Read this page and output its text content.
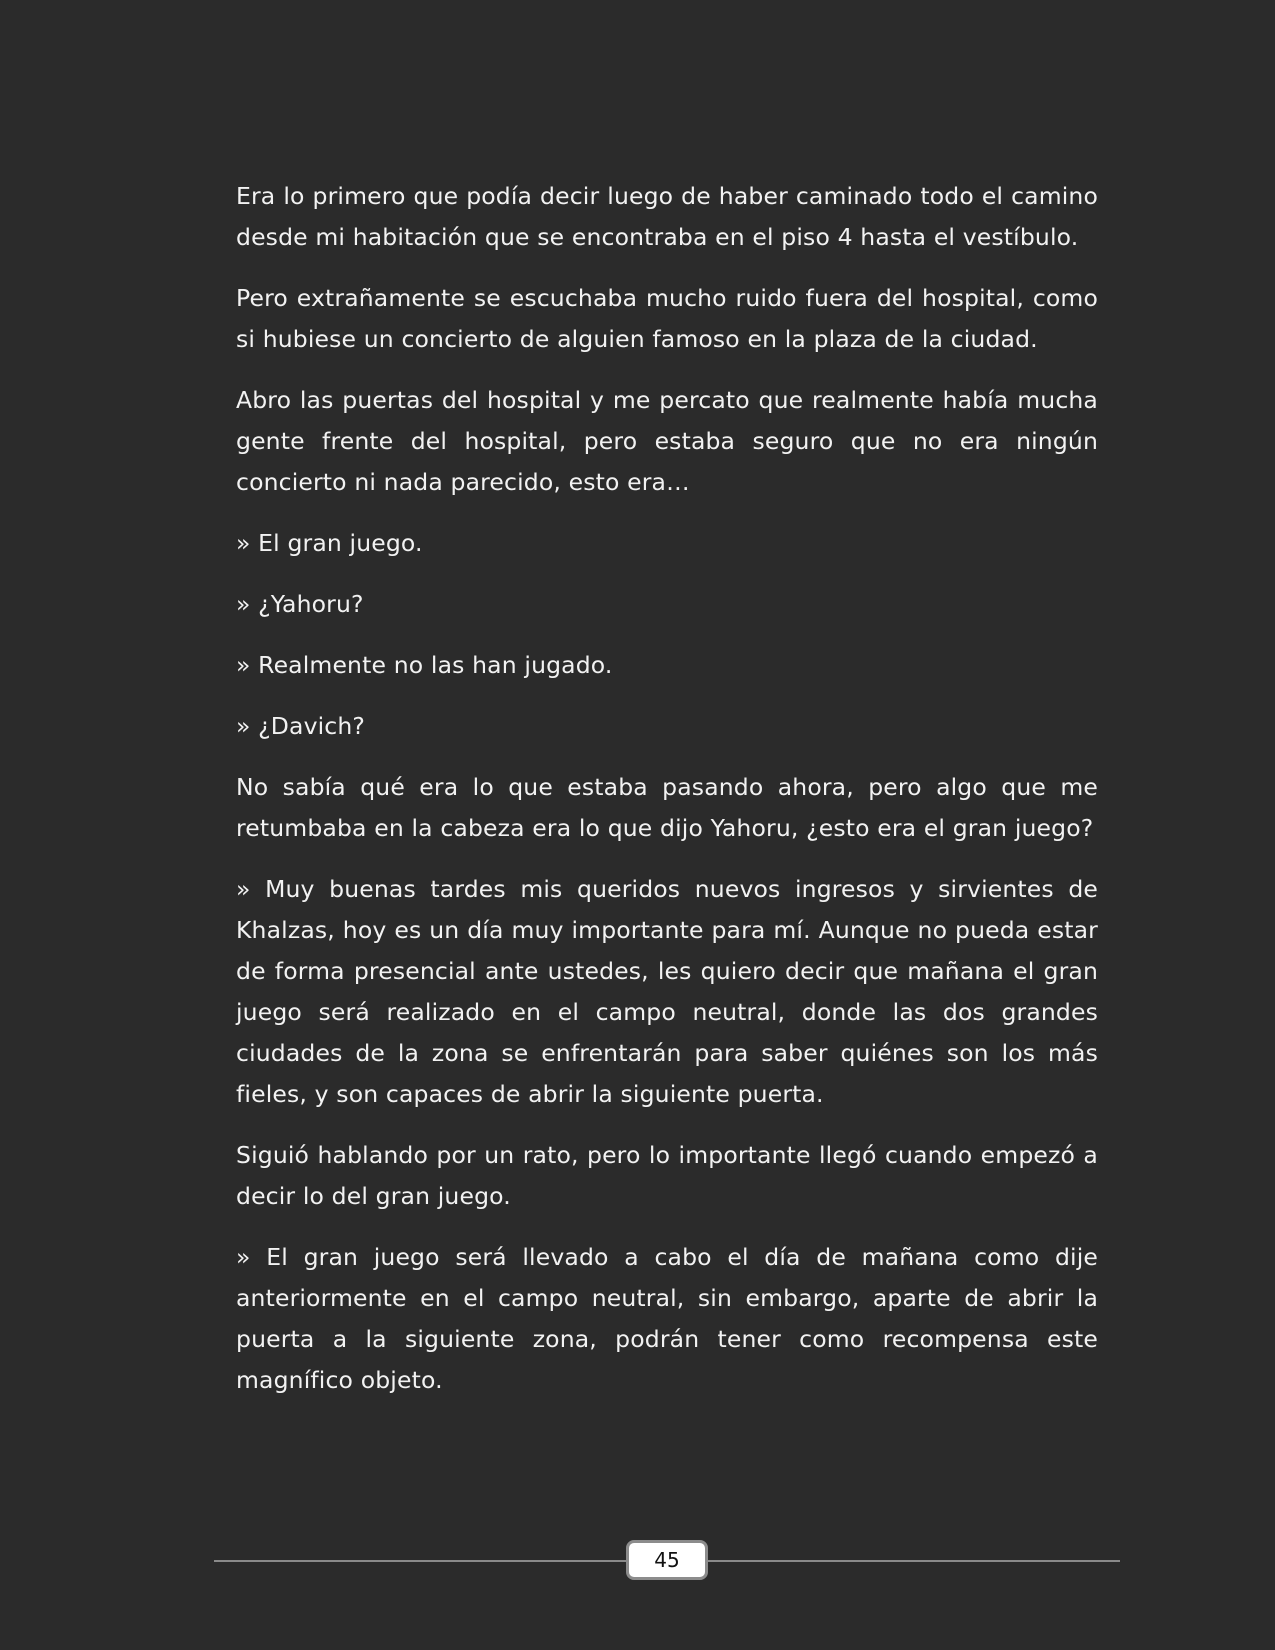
Era lo primero que podía decir luego de haber caminado todo el camino desde mi habitación que se encontraba en el piso 4 hasta el vestíbulo.

Pero extrañamente se escuchaba mucho ruido fuera del hospital, como si hubiese un concierto de alguien famoso en la plaza de la ciudad.

Abro las puertas del hospital y me percato que realmente había mucha gente frente del hospital, pero estaba seguro que no era ningún concierto ni nada parecido, esto era…

» El gran juego.

» ¿Yahoru?

» Realmente no las han jugado.

» ¿Davich?

No sabía qué era lo que estaba pasando ahora, pero algo que me retumbaba en la cabeza era lo que dijo Yahoru, ¿esto era el gran juego?

» Muy buenas tardes mis queridos nuevos ingresos y sirvientes de Khalzas, hoy es un día muy importante para mí. Aunque no pueda estar de forma presencial ante ustedes, les quiero decir que mañana el gran juego será realizado en el campo neutral, donde las dos grandes ciudades de la zona se enfrentarán para saber quiénes son los más fieles, y son capaces de abrir la siguiente puerta.

Siguió hablando por un rato, pero lo importante llegó cuando empezó a decir lo del gran juego.

» El gran juego será llevado a cabo el día de mañana como dije anteriormente en el campo neutral, sin embargo, aparte de abrir la puerta a la siguiente zona, podrán tener como recompensa este magnífico objeto.

45
